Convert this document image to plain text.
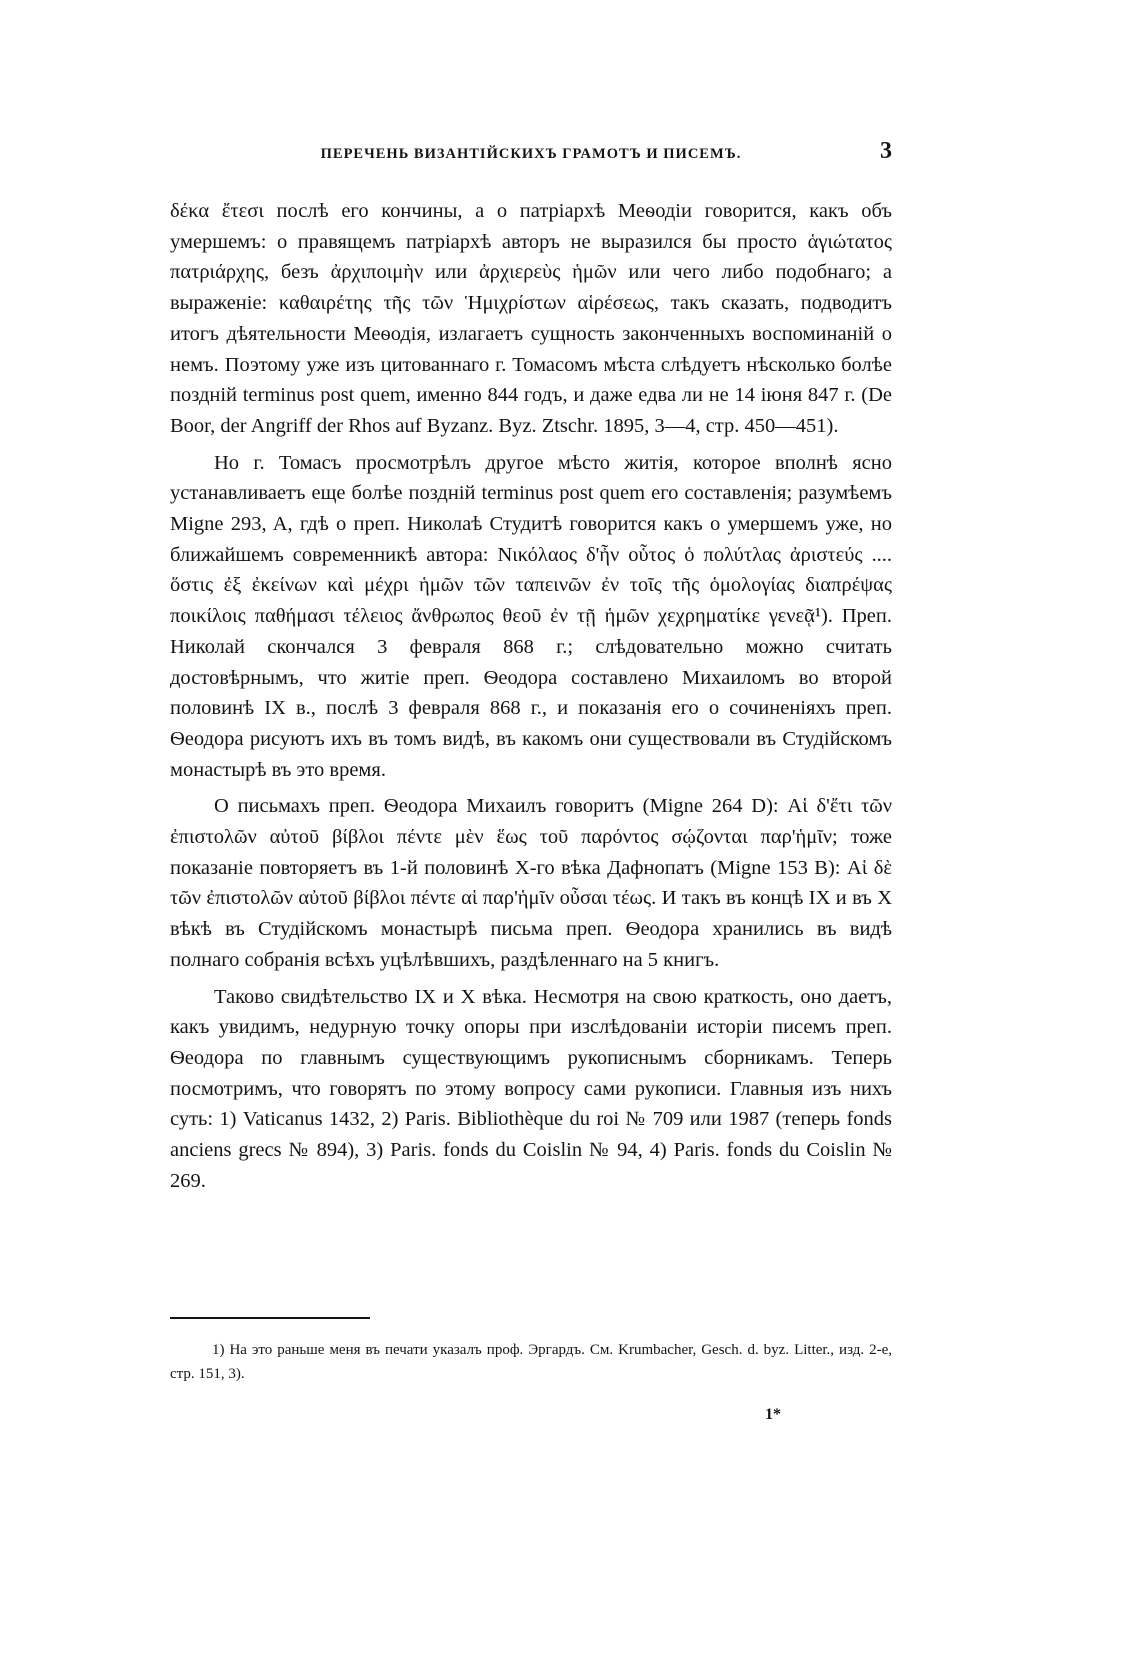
ПЕРЕЧЕНЬ ВИЗАНТІЙСКИХЪ ГРАМОТЪ И ПИСЕМЪ.	3

δέκα ἔτεσι послѣ его кончины, а о патріархѣ Меѳодіи говорится, какъ объ умершемъ: о правящемъ патріархѣ авторъ не выразился бы просто ἁγιώτατος πατριάρχης, безъ ἀρχιποιμὴν или ἀρχιερεὺς ἡμῶν или чего либо подобнаго; а выраженіе: καθαιρέτης τῆς τῶν Ἡμιχρίστων αἱρέσεως, такъ сказать, подводитъ итогъ дѣятельности Меѳодія, излагаетъ сущность законченныхъ воспоминаній о немъ. Поэтому уже изъ цитованнаго г. Томасомъ мѣста слѣдуетъ нѣсколько болѣе поздній terminus post quem, именно 844 годъ, и даже едва ли не 14 іюня 847 г. (De Boor, der Angriff der Rhos auf Byzanz. Byz. Ztschr. 1895, 3—4, стр. 450—451).

Но г. Томасъ просмотрѣлъ другое мѣсто житія, которое вполнѣ ясно устанавливаетъ еще болѣе поздній terminus post quem его составленія; разумѣемъ Migne 293, A, гдѣ о преп. Николаѣ Студитѣ говорится какъ о умершемъ уже, но ближайшемъ современникѣ автора: Νικόλαος δ'ἦν οὗτος ὁ πολύτλας ἀριστεύς .... ὅστις ἐξ ἐκείνων καὶ μέχρι ἡμῶν τῶν ταπεινῶν ἐν τοῖς τῆς ὁμολογίας διαπρέψας ποικίλοις παθήμασι τέλειος ἄνθρωπος θεοῦ ἐν τῇ ἡμῶν χεχρηματίκε γενεᾷ¹). Преп. Николай скончался 3 февраля 868 г.; слѣдовательно можно считать достовѣрнымъ, что житіе преп. Ѳеодора составлено Михаиломъ во второй половинѣ IX в., послѣ 3 февраля 868 г., и показанія его о сочиненіяхъ преп. Ѳеодора рисуютъ ихъ въ томъ видѣ, въ какомъ они существовали въ Студійскомъ монастырѣ въ это время.

О письмахъ преп. Ѳеодора Михаилъ говоритъ (Migne 264 D): Αἱ δ'ἔτι τῶν ἐπιστολῶν αὐτοῦ βίβλοι πέντε μὲν ἕως τοῦ παρόντος σῴζονται παρ'ἡμῖν; тоже показаніе повторяетъ въ 1-й половинѣ X-го вѣка Дафнопатъ (Migne 153 B): Αἱ δὲ τῶν ἐπιστολῶν αὐτοῦ βίβλοι πέντε αἱ παρ'ἡμῖν οὖσαι τέως. И такъ въ концѣ IX и въ X вѣкѣ въ Студійскомъ монастырѣ письма преп. Ѳеодора хранились въ видѣ полнаго собранія всѣхъ уцѣлѣвшихъ, раздѣленнаго на 5 книгъ.

Таково свидѣтельство IX и X вѣка. Несмотря на свою краткость, оно даетъ, какъ увидимъ, недурную точку опоры при изслѣдованіи исторіи писемъ преп. Ѳеодора по главнымъ существующимъ рукописнымъ сборникамъ. Теперь посмотримъ, что говорятъ по этому вопросу сами рукописи. Главныя изъ нихъ суть: 1) Vaticanus 1432, 2) Paris. Bibliothèque du roi № 709 или 1987 (теперь fonds anciens grecs № 894), 3) Paris. fonds du Coislin № 94, 4) Paris. fonds du Coislin № 269.

1) На это раньше меня въ печати указалъ проф. Эргардъ. См. Krumbacher, Gesch. d. byz. Litter., изд. 2-е, стр. 151, 3).
1*
